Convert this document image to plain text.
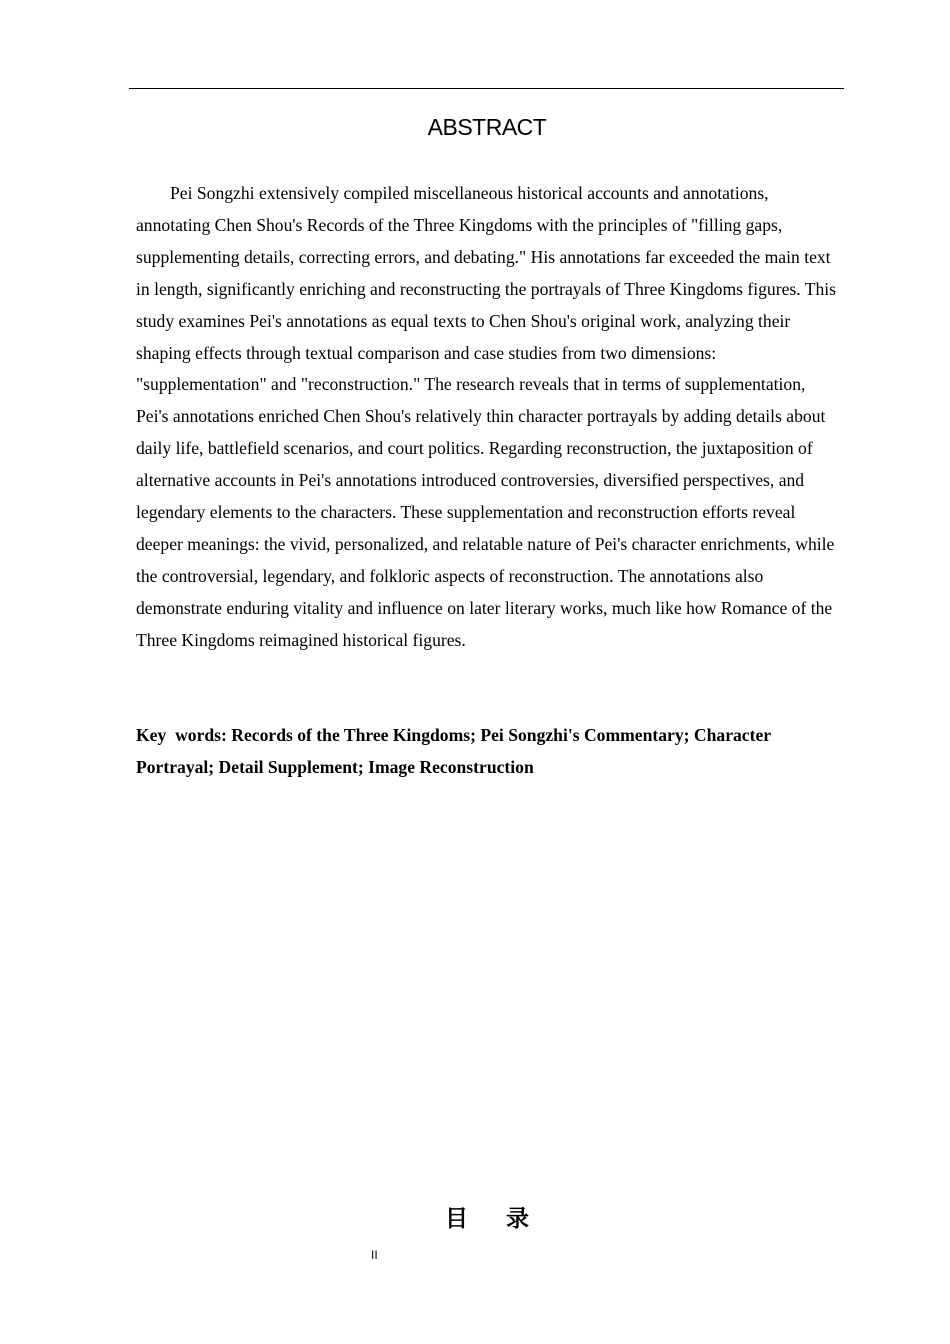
ABSTRACT

Pei Songzhi extensively compiled miscellaneous historical accounts and annotations, annotating Chen Shou's Records of the Three Kingdoms with the principles of "filling gaps, supplementing details, correcting errors, and debating." His annotations far exceeded the main text in length, significantly enriching and reconstructing the portrayals of Three Kingdoms figures. This study examines Pei's annotations as equal texts to Chen Shou's original work, analyzing their shaping effects through textual comparison and case studies from two dimensions: "supplementation" and "reconstruction." The research reveals that in terms of supplementation, Pei's annotations enriched Chen Shou's relatively thin character portrayals by adding details about daily life, battlefield scenarios, and court politics. Regarding reconstruction, the juxtaposition of alternative accounts in Pei's annotations introduced controversies, diversified perspectives, and legendary elements to the characters. These supplementation and reconstruction efforts reveal deeper meanings: the vivid, personalized, and relatable nature of Pei's character enrichments, while the controversial, legendary, and folkloric aspects of reconstruction. The annotations also demonstrate enduring vitality and influence on later literary works, much like how Romance of the Three Kingdoms reimagined historical figures.

Key  words: Records of the Three Kingdoms; Pei Songzhi's Commentary; Character Portrayal; Detail Supplement; Image Reconstruction

目 录
II
